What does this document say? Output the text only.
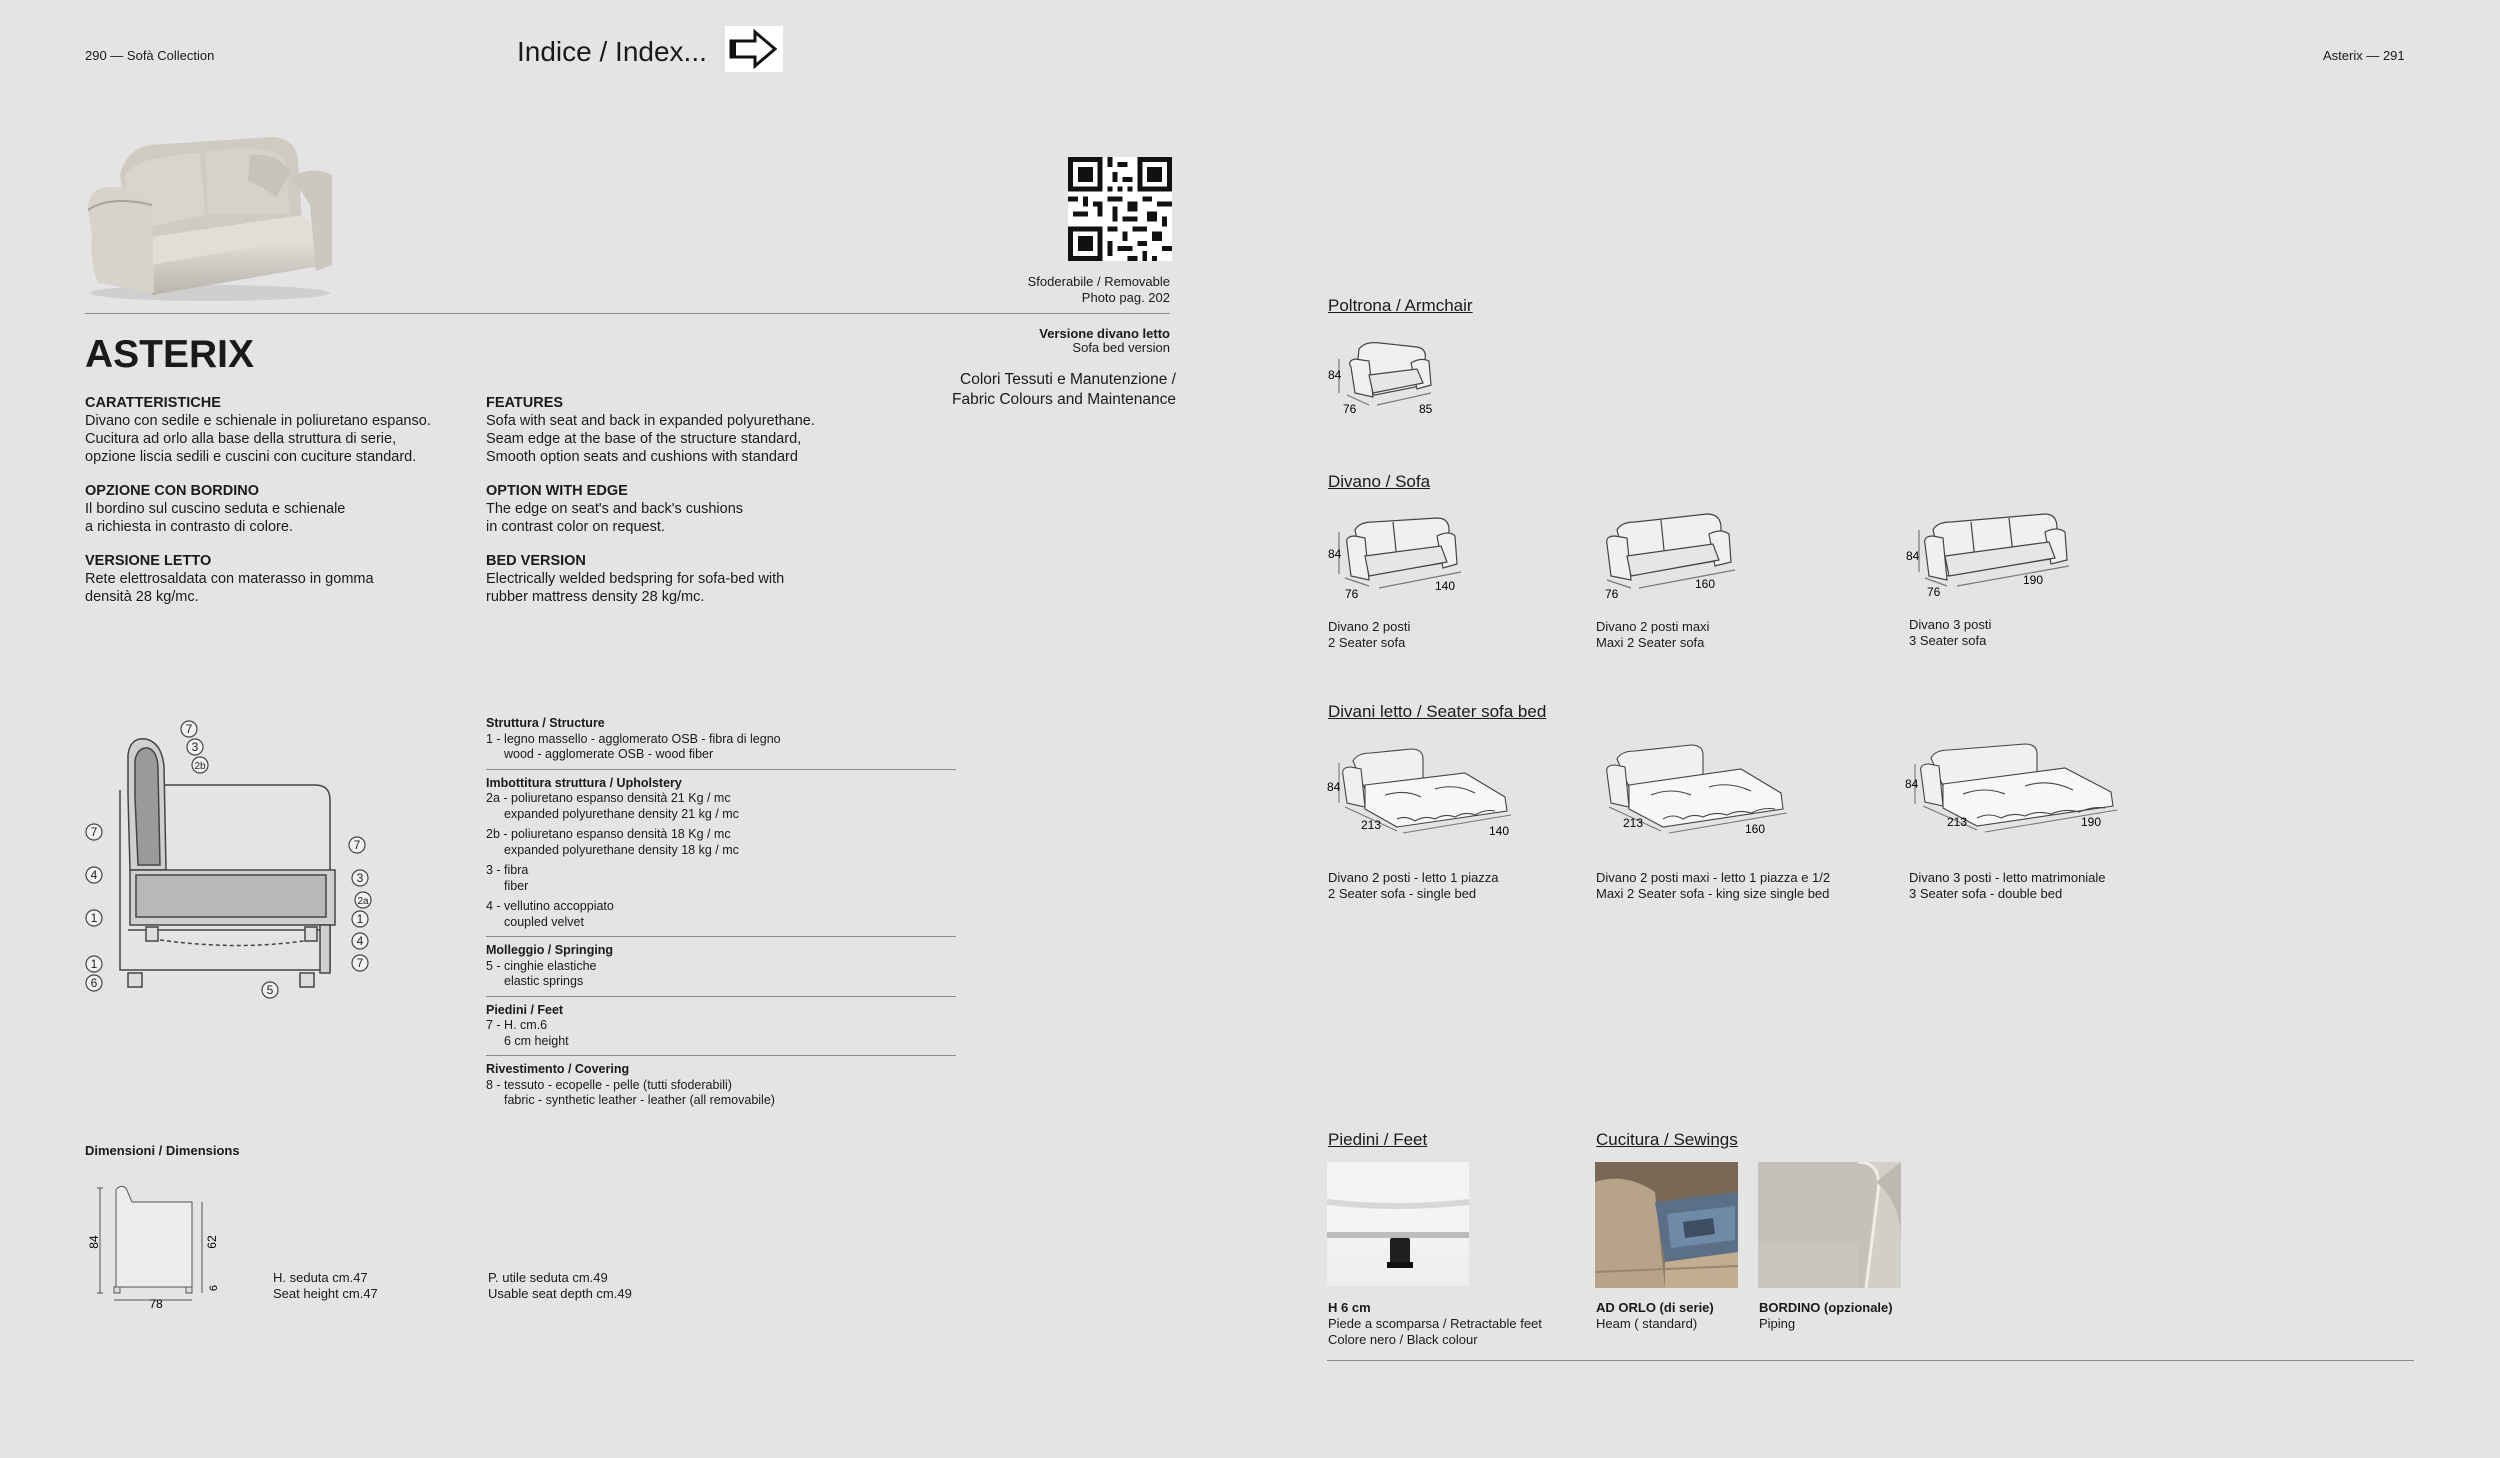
290 — Sofà Collection	Indice / Index...	Asterix — 291
Sfoderabile / Removable
Photo pag. 202
Versione divano letto
Sofa bed version
ASTERIX
Colori Tessuti e Manutenzione /
Fabric Colours and Maintenance
CARATTERISTICHE
Divano con sedile e schienale in poliuretano espanso.
Cucitura ad orlo alla base della struttura di serie,
opzione liscia sedili e cuscini con cuciture standard.
OPZIONE CON BORDINO
Il bordino sul cuscino seduta e schienale
a richiesta in contrasto di colore.
VERSIONE LETTO
Rete elettrosaldata con materasso in gomma
densità 28 kg/mc.
FEATURES
Sofa with seat and back in expanded polyurethane.
Seam edge at the base of the structure standard,
Smooth option seats and cushions with standard
OPTION WITH EDGE
The edge on seat's and back's cushions
in contrast color on request.
BED VERSION
Electrically welded bedspring for sofa-bed with
rubber mattress density 28 kg/mc.
7
3
2b
7
4
1
1
6	5
7
3
2a
1
4
7
Struttura / Structure
1 - legno massello - agglomerato OSB - fibra di legno
wood - agglomerate OSB - wood fiber
Imbottitura struttura / Upholstery
2a - poliuretano espanso densità 21 Kg / mc
expanded polyurethane density 21 kg / mc
2b - poliuretano espanso densità 18 Kg / mc
expanded polyurethane density 18 kg / mc
3 - fibra
fiber
4 - vellutino accoppiato
coupled velvet
Molleggio / Springing
5 - cinghie elastiche
elastic springs
Piedini / Feet
7 - H. cm.6
6 cm height
Rivestimento / Covering
8 - tessuto - ecopelle - pelle (tutti sfoderabili)
fabric - synthetic leather - leather (all removabile)
Dimensioni / Dimensions
84	62
6
78
H. seduta cm.47
Seat height cm.47
P. utile seduta cm.49
Usable seat depth cm.49
Poltrona / Armchair
84
76	85
Divano / Sofa
84
76
140
Divano 2 posti
2 Seater sofa
76
160
Divano 2 posti maxi
Maxi 2 Seater sofa
84
76
190
Divano 3 posti
3 Seater sofa
Divani letto / Seater sofa bed
84
213	140
Divano 2 posti - letto 1 piazza
2 Seater sofa - single bed
213	160
Divano 2 posti maxi - letto 1 piazza e 1/2
Maxi 2 Seater sofa - king size single bed
84
213	190
Divano 3 posti - letto matrimoniale
3 Seater sofa - double bed
Piedini / Feet	Cucitura / Sewings
H 6 cm
Piede a scomparsa / Retractable feet
Colore nero / Black colour
AD ORLO (di serie)
Heam ( standard)
BORDINO (opzionale)
Piping
